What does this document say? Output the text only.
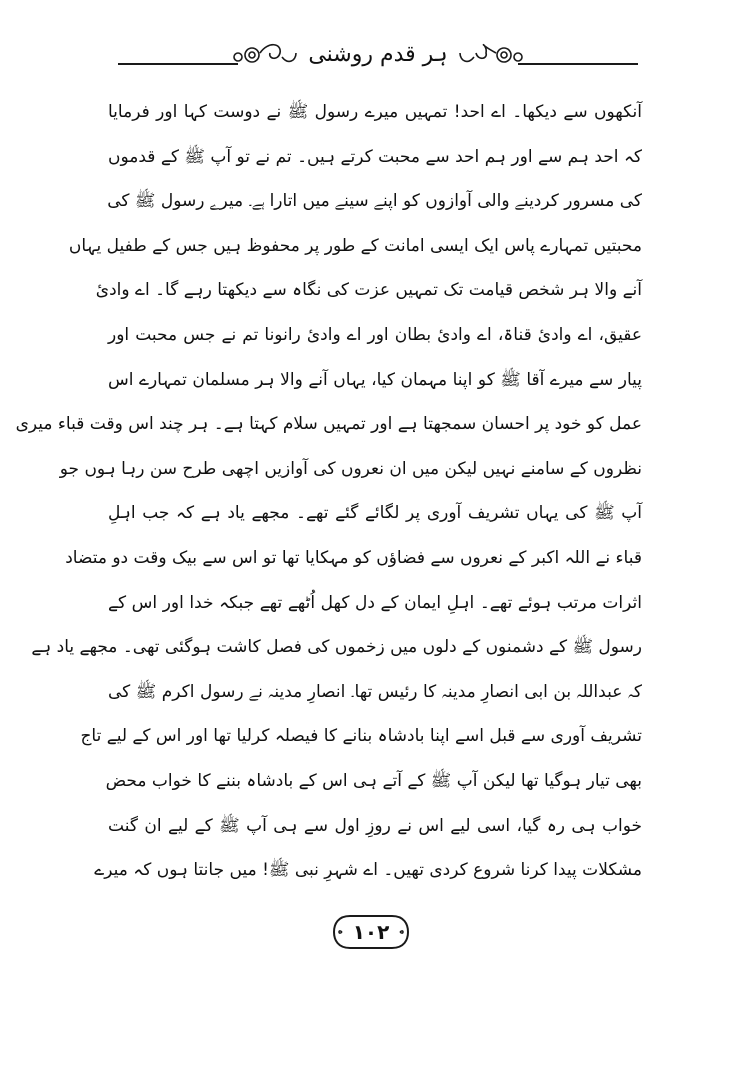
ہر قدم روشنی
آنکھوں سے دیکھا۔ اے احد! تمہیں میرے رسول ﷺ نے دوست کہا اور فرمایا
کہ احد ہم سے اور ہم احد سے محبت کرتے ہیں۔ تم نے تو آپ ﷺ کے قدموں
کی مسرور کردینے والی آوازوں کو اپنے سینے میں اتارا ہے۔ میرے رسول ﷺ کی
محبتیں تمہارے پاس ایک ایسی امانت کے طور پر محفوظ ہیں جس کے طفیل یہاں
آنے والا ہر شخص قیامت تک تمہیں عزت کی نگاہ سے دیکھتا رہے گا۔ اے وادیٔ
عقیق، اے وادیٔ قناۃ، اے وادیٔ بطان اور اے وادیٔ رانونا تم نے جس محبت اور
پیار سے میرے آقا ﷺ کو اپنا مہمان کیا، یہاں آنے والا ہر مسلمان تمہارے اس
عمل کو خود پر احسان سمجھتا ہے اور تمہیں سلام کہتا ہے۔ ہر چند اس وقت قباء میری
نظروں کے سامنے نہیں لیکن میں ان نعروں کی آوازیں اچھی طرح سن رہا ہوں جو
آپ ﷺ کی یہاں تشریف آوری پر لگائے گئے تھے۔ مجھے یاد ہے کہ جب اہلِ
قباء نے اللہ اکبر کے نعروں سے فضاؤں کو مہکایا تھا تو اس سے بیک وقت دو متضاد
اثرات مرتب ہوئے تھے۔ اہلِ ایمان کے دل کھل اُٹھے تھے جبکہ خدا اور اس کے
رسول ﷺ کے دشمنوں کے دلوں میں زخموں کی فصل کاشت ہوگئی تھی۔ مجھے یاد ہے
کہ عبداللہ بن ابی انصارِ مدینہ کا رئیس تھا۔ انصارِ مدینہ نے رسول اکرم ﷺ کی
تشریف آوری سے قبل اسے اپنا بادشاہ بنانے کا فیصلہ کرلیا تھا اور اس کے لیے تاج
بھی تیار ہوگیا تھا لیکن آپ ﷺ کے آتے ہی اس کے بادشاہ بننے کا خواب محض
خواب ہی رہ گیا، اسی لیے اس نے روزِ اول سے ہی آپ ﷺ کے لیے ان گنت
مشکلات پیدا کرنا شروع کردی تھیں۔ اے شہرِ نبی ﷺ! میں جانتا ہوں کہ میرے
۱۰۲
